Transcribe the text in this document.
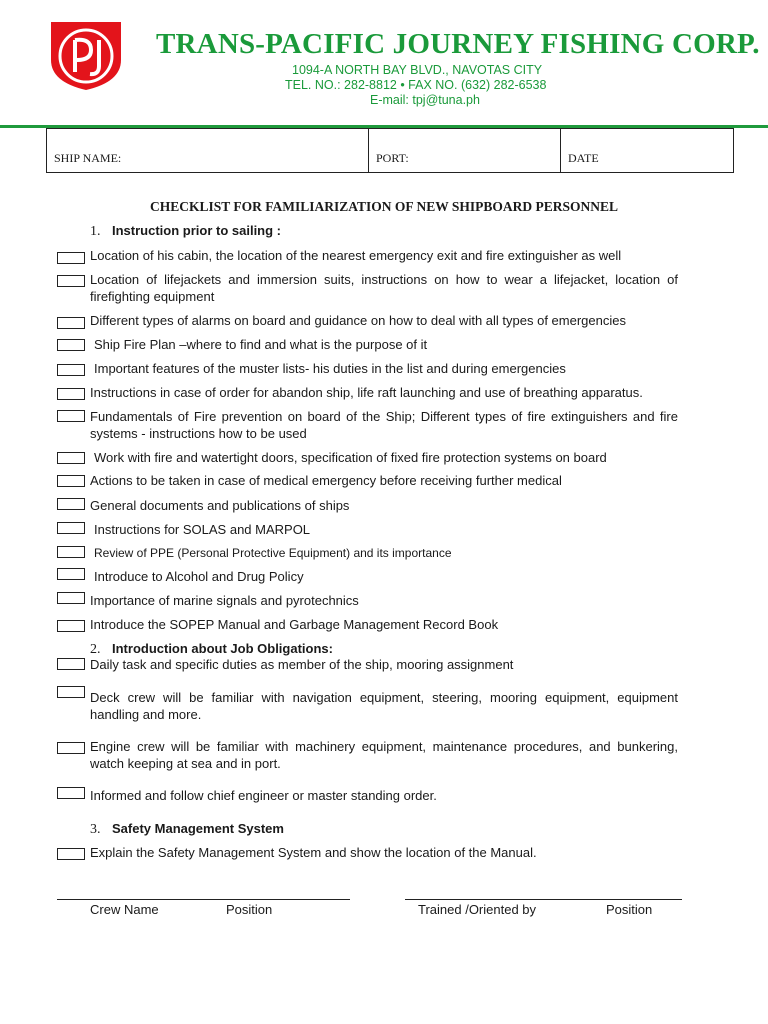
TRANS-PACIFIC JOURNEY FISHING CORP.
1094-A NORTH BAY BLVD., NAVOTAS CITY
TEL. NO.: 282-8812 • FAX NO. (632) 282-6538
E-mail: tpj@tuna.ph
SHIP NAME:	PORT:	DATE
CHECKLIST FOR FAMILIARIZATION OF NEW SHIPBOARD PERSONNEL
1. Instruction prior to sailing :
Location of his cabin, the location of the nearest emergency exit and fire extinguisher as well
Location of lifejackets and immersion suits, instructions on how to wear a lifejacket, location of firefighting equipment
Different types of alarms on board and guidance on how to deal with all types of emergencies
Ship Fire Plan –where to find and what is the purpose of it
Important features of the muster lists- his duties in the list and during emergencies
Instructions in case of order for abandon ship, life raft launching and use of breathing apparatus.
Fundamentals of Fire prevention on board of the Ship; Different types of fire extinguishers and fire systems - instructions how to be used
Work with fire and watertight doors, specification of fixed fire protection systems on board
Actions to be taken in case of medical emergency before receiving further medical
General documents and publications of ships
Instructions for SOLAS and MARPOL
Review of PPE (Personal Protective Equipment) and its importance
Introduce to Alcohol and Drug Policy
Importance of marine signals and pyrotechnics
Introduce the SOPEP Manual and Garbage Management Record Book
2. Introduction about Job Obligations:
Daily task and specific duties as member of the ship, mooring assignment
Deck crew will be familiar with navigation equipment, steering, mooring equipment, equipment handling and more.
Engine crew will be familiar with machinery equipment, maintenance procedures, and bunkering, watch keeping at sea and in port.
Informed and follow chief engineer or master standing order.
3. Safety Management System
Explain the Safety Management System and show the location of the Manual.
Crew Name	Position	Trained /Oriented by	Position
